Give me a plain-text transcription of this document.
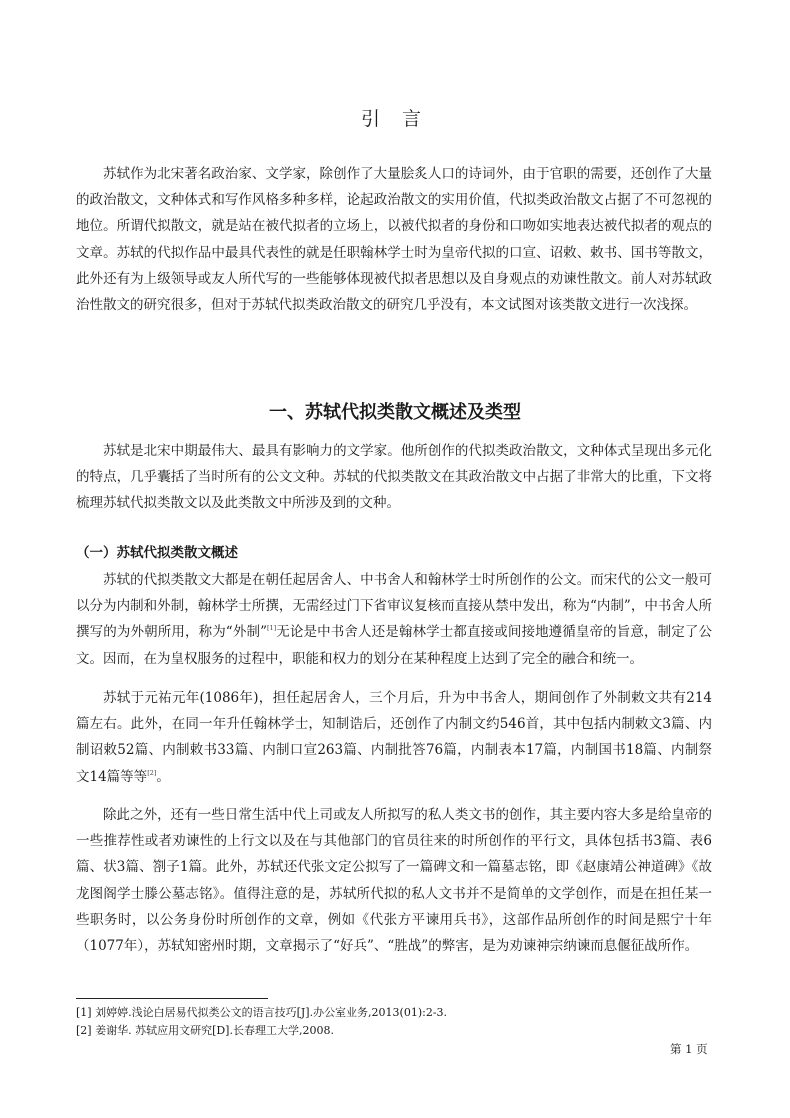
引 言

苏轼作为北宋著名政治家、文学家，除创作了大量脍炙人口的诗词外，由于官职的需要，还创作了大量的政治散文，文种体式和写作风格多种多样，论起政治散文的实用价值，代拟类政治散文占据了不可忽视的地位。所谓代拟散文，就是站在被代拟者的立场上，以被代拟者的身份和口吻如实地表达被代拟者的观点的文章。苏轼的代拟作品中最具代表性的就是任职翰林学士时为皇帝代拟的口宣、诏敕、敕书、国书等散文，此外还有为上级领导或友人所代写的一些能够体现被代拟者思想以及自身观点的劝谏性散文。前人对苏轼政治性散文的研究很多，但对于苏轼代拟类政治散文的研究几乎没有，本文试图对该类散文进行一次浅探。

一、苏轼代拟类散文概述及类型

苏轼是北宋中期最伟大、最具有影响力的文学家。他所创作的代拟类政治散文，文种体式呈现出多元化的特点，几乎囊括了当时所有的公文文种。苏轼的代拟类散文在其政治散文中占据了非常大的比重，下文将梳理苏轼代拟类散文以及此类散文中所涉及到的文种。

（一）苏轼代拟类散文概述

苏轼的代拟类散文大都是在朝任起居舍人、中书舍人和翰林学士时所创作的公文。而宋代的公文一般可以分为内制和外制，翰林学士所撰，无需经过门下省审议复核而直接从禁中发出，称为“内制”，中书舍人所撰写的为外朝所用，称为“外制”[1]无论是中书舍人还是翰林学士都直接或间接地遵循皇帝的旨意，制定了公文。因而，在为皇权服务的过程中，职能和权力的划分在某种程度上达到了完全的融合和统一。

苏轼于元祐元年(1086年)，担任起居舍人，三个月后，升为中书舍人，期间创作了外制敕文共有214篇左右。此外，在同一年升任翰林学士，知制诰后，还创作了内制文约546首，其中包括内制敕文3篇、内制诏敕52篇、内制敕书33篇、内制口宣263篇、内制批答76篇，内制表本17篇，内制国书18篇、内制祭文14篇等等[2]。

除此之外，还有一些日常生活中代上司或友人所拟写的私人类文书的创作，其主要内容大多是给皇帝的一些推荐性或者劝谏性的上行文以及在与其他部门的官员往来的时所创作的平行文，具体包括书3篇、表6篇、状3篇、劄子1篇。此外，苏轼还代张文定公拟写了一篇碑文和一篇墓志铭，即《赵康靖公神道碑》《故龙图阁学士滕公墓志铭》。值得注意的是，苏轼所代拟的私人文书并不是简单的文学创作，而是在担任某一些职务时，以公务身份时所创作的文章，例如《代张方平谏用兵书》，这部作品所创作的时间是熙宁十年（1077年），苏轼知密州时期，文章揭示了“好兵”、“胜战”的弊害，是为劝谏神宗纳谏而息偃征战所作。

[1] 刘婷婷.浅论白居易代拟类公文的语言技巧[J].办公室业务,2013(01):2-3.
[2] 姜谢华. 苏轼应用文研究[D].长春理工大学,2008.
第 1 页
